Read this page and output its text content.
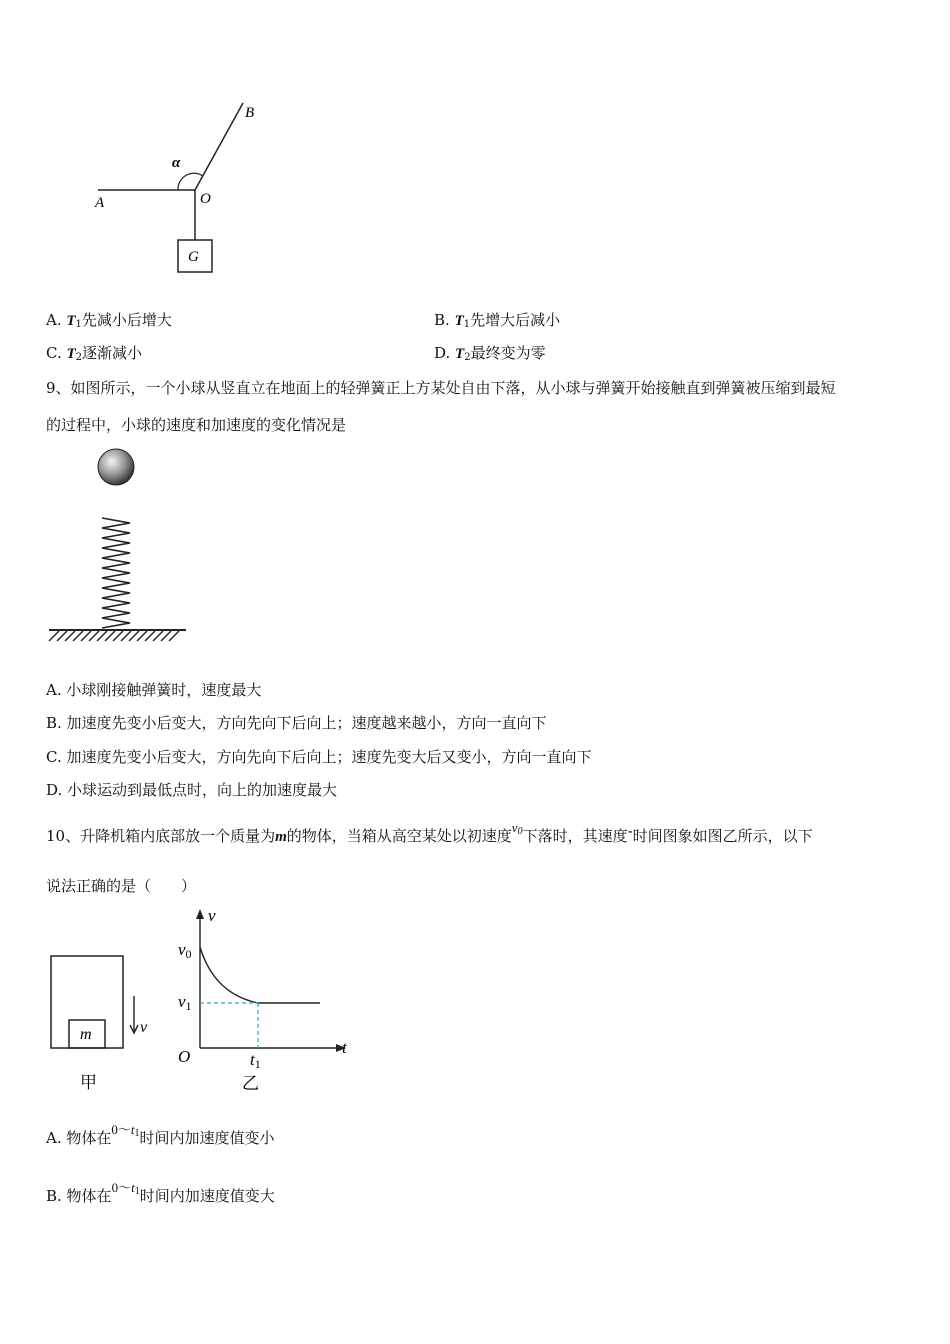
A
B
O
α
G
A. $T_1$先减小后增大	B. $T_1$先增大后减小
C. $T_2$逐渐减小	D. $T_2$最终变为零
9、如图所示，一个小球从竖直立在地面上的轻弹簧正上方某处自由下落，从小球与弹簧开始接触直到弹簧被压缩到最短
的过程中，小球的速度和加速度的变化情况是
A. 小球刚接触弹簧时，速度最大
B. 加速度先变小后变大，方向先向下后向上；速度越来越小，方向一直向下
C. 加速度先变小后变大，方向先向下后向上；速度先变大后又变小，方向一直向下
D. 小球运动到最低点时，向上的加速度最大
10、升降机箱内底部放一个质量为m的物体，当箱从高空某处以初速度$v_0$下落时，其速度-时间图象如图乙所示，以下
说法正确的是（　　）
m	v
甲
v
t
O
v0
v1
t1
乙
A. 物体在$0\sim t_1$时间内加速度值变小
B. 物体在$0\sim t_1$时间内加速度值变大
